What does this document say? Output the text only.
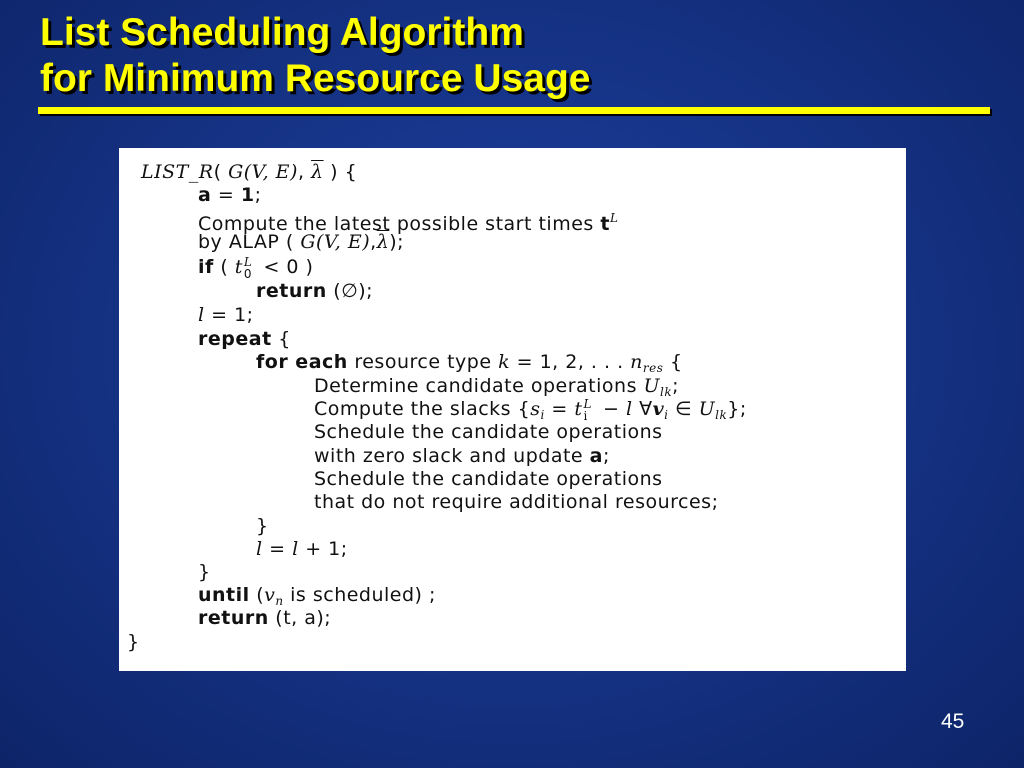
List Scheduling Algorithm
for Minimum Resource Usage
LIST_R( G(V, E), $\overline{\lambda}$ ) {
a = 1;
Compute the latest possible start times $t^L$
by ALAP ( G(V, $E),\overline{\lambda}$);
if ( t L
0 < 0 )
return (∅);
l = 1;
repeat {
for each resource type k = 1, 2, . . . $n_{res}$ {
Determine candidate operations $U_{lk}$;
Compute the slacks {$s_i = t$ L
i − l $\forall v_i$ ∈ $U_{lk}$};
Schedule the candidate operations
with zero slack and update a;
Schedule the candidate operations
that do not require additional resources;
}
l = l + 1;
}
until ($v_n$ is scheduled) ;
return (t, a);
}
45
